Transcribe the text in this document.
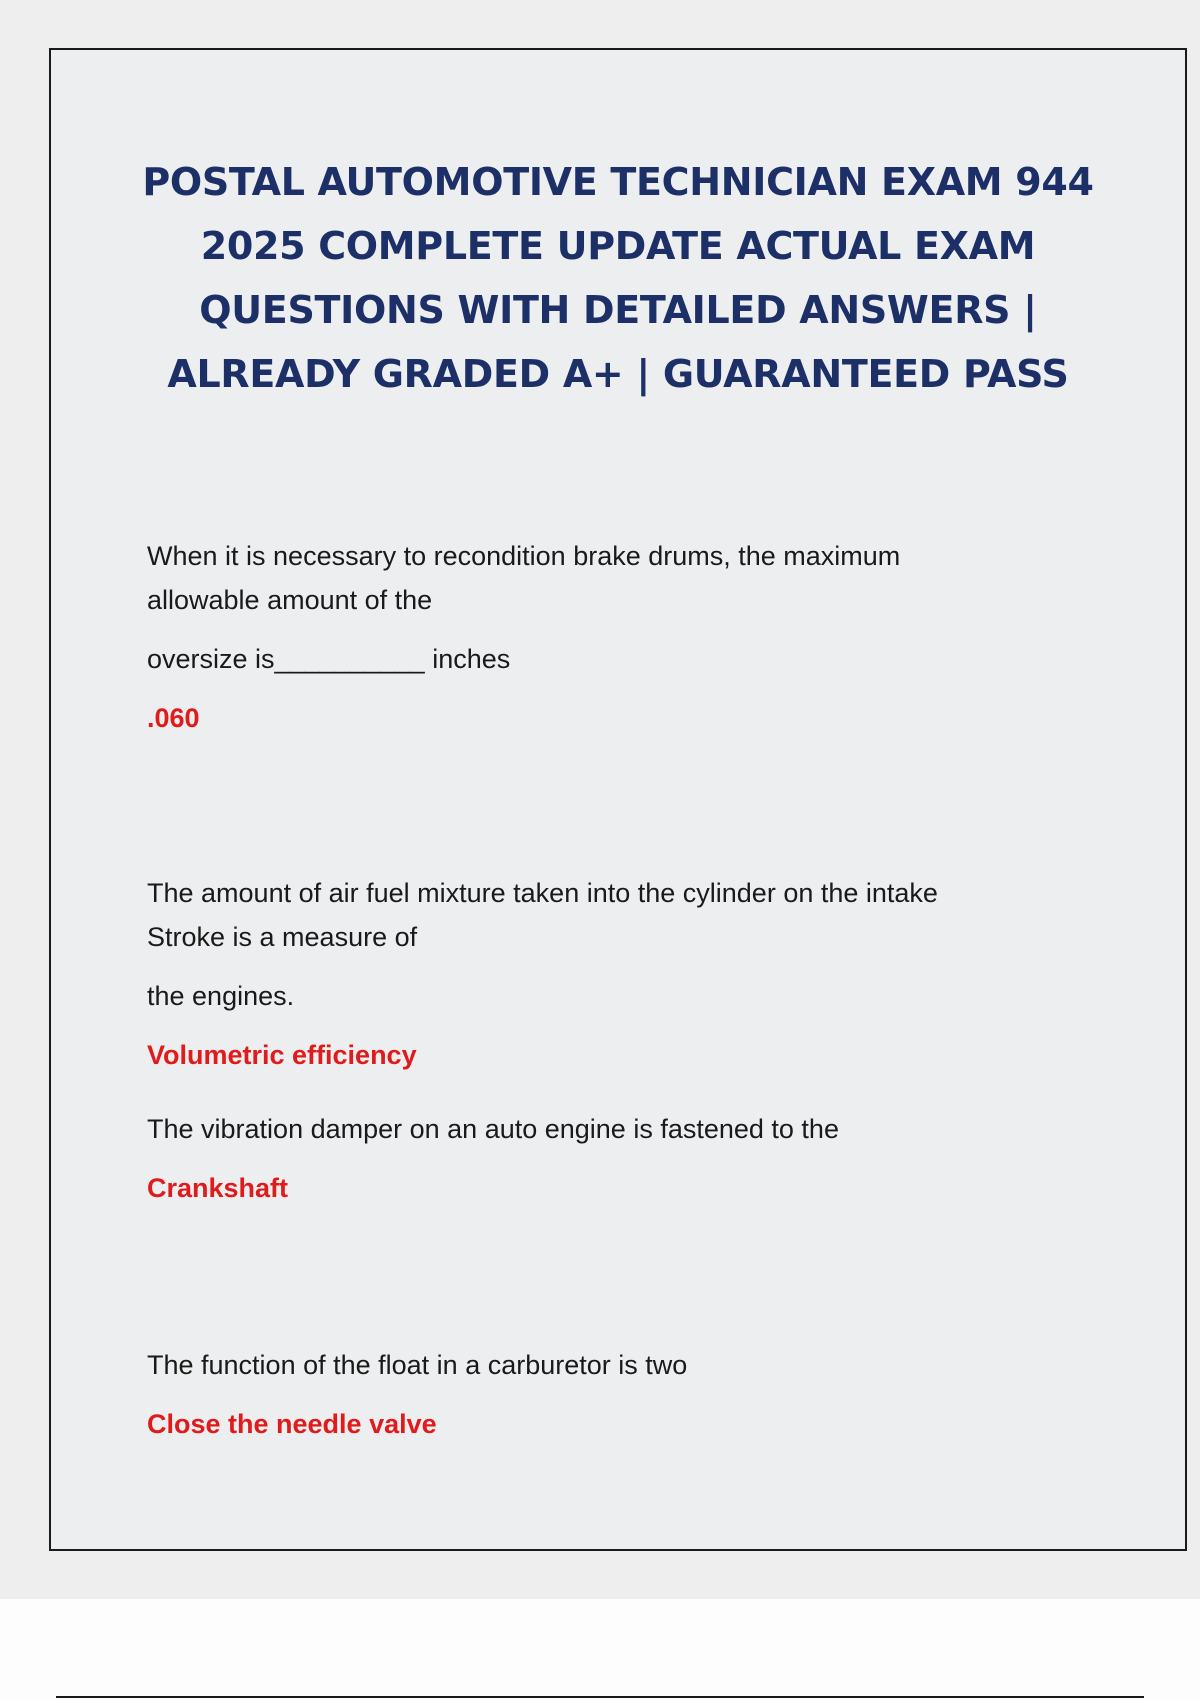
POSTAL AUTOMOTIVE TECHNICIAN EXAM 944 2025 COMPLETE UPDATE ACTUAL EXAM QUESTIONS WITH DETAILED ANSWERS | ALREADY GRADED A+ | GUARANTEED PASS

When it is necessary to recondition brake drums, the maximum

allowable amount of the

oversize is__________ inches

.060

The amount of air fuel mixture taken into the cylinder on the intake

Stroke is a measure of

the engines.

Volumetric efficiency

The vibration damper on an auto engine is fastened to the

Crankshaft

The function of the float in a carburetor is two

Close the needle valve
